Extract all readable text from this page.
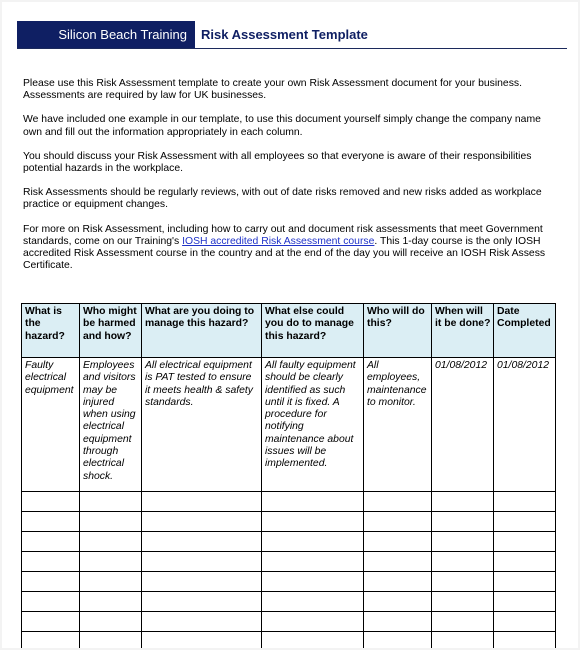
Silicon Beach Training	Risk Assessment Template

Please use this Risk Assessment template to create your own Risk Assessment document for your business.
Assessments are required by law for UK businesses.

We have included one example in our template, to use this document yourself simply change the company name
own and fill out the information appropriately in each column.

You should discuss your Risk Assessment with all employees so that everyone is aware of their responsibilities
potential hazards in the workplace.

Risk Assessments should be regularly reviews, with out of date risks removed and new risks added as workplace
practice or equipment changes.

For more on Risk Assessment, including how to carry out and document risk assessments that meet Government
standards, come on our Training's IOSH accredited Risk Assessment course. This 1-day course is the only IOSH
accredited Risk Assessment course in the country and at the end of the day you will receive an IOSH Risk Assess
Certificate.

What is the hazard?	Who might be harmed and how?	What are you doing to manage this hazard?	What else could you do to manage this hazard?	Who will do this?	When will it be done?	Date Completed
Faulty electrical equipment	Employees and visitors may be injured when using electrical equipment through electrical shock.	All electrical equipment is PAT tested to ensure it meets health & safety standards.	All faulty equipment should be clearly identified as such until it is fixed. A procedure for notifying maintenance about issues will be implemented.	All employees, maintenance to monitor.	01/08/2012	01/08/2012
